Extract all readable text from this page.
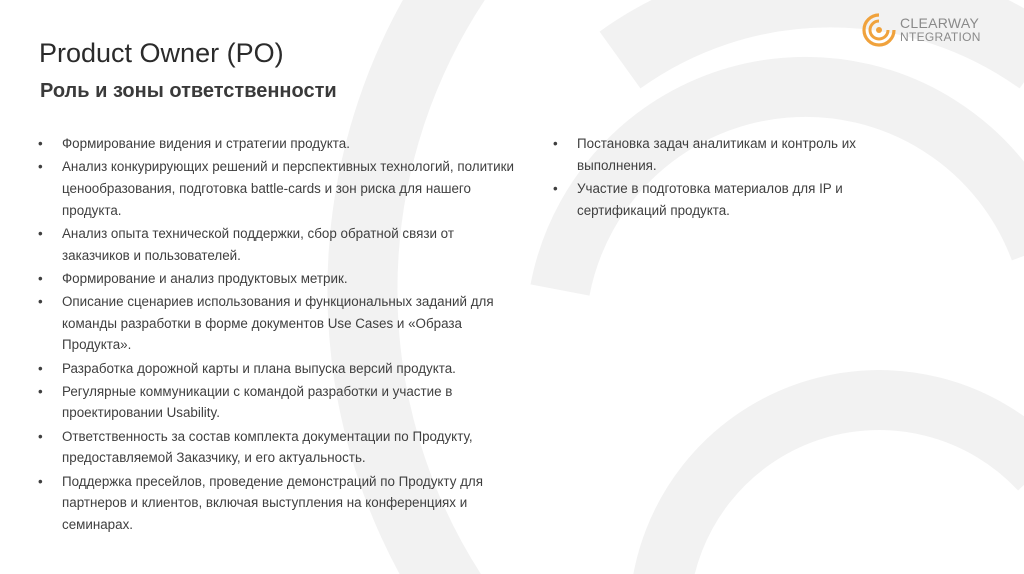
CLEARWAY
NTEGRATION
Product Owner (PO)
Роль и зоны ответственности
•	Формирование видения и стратегии продукта.
•	Анализ конкурирующих решений и перспективных технологий, политики ценообразования, подготовка battle-cards и зон риска для нашего продукта.
•	Анализ опыта технической поддержки, сбор обратной связи от заказчиков и пользователей.
•	Формирование и анализ продуктовых метрик.
•	Описание сценариев использования и функциональных заданий для команды разработки в форме документов Use Cases и «Образа Продукта».
•	Разработка дорожной карты и плана выпуска версий продукта.
•	Регулярные коммуникации с командой разработки и участие в проектировании Usability.
•	Ответственность за состав комплекта документации по Продукту, предоставляемой Заказчику, и его актуальность.
•	Поддержка пресейлов, проведение демонстраций по Продукту для партнеров и клиентов, включая выступления на конференциях и семинарах.
•	Постановка задач аналитикам и контроль их выполнения.
•	Участие в подготовка материалов для IP и сертификаций продукта.
